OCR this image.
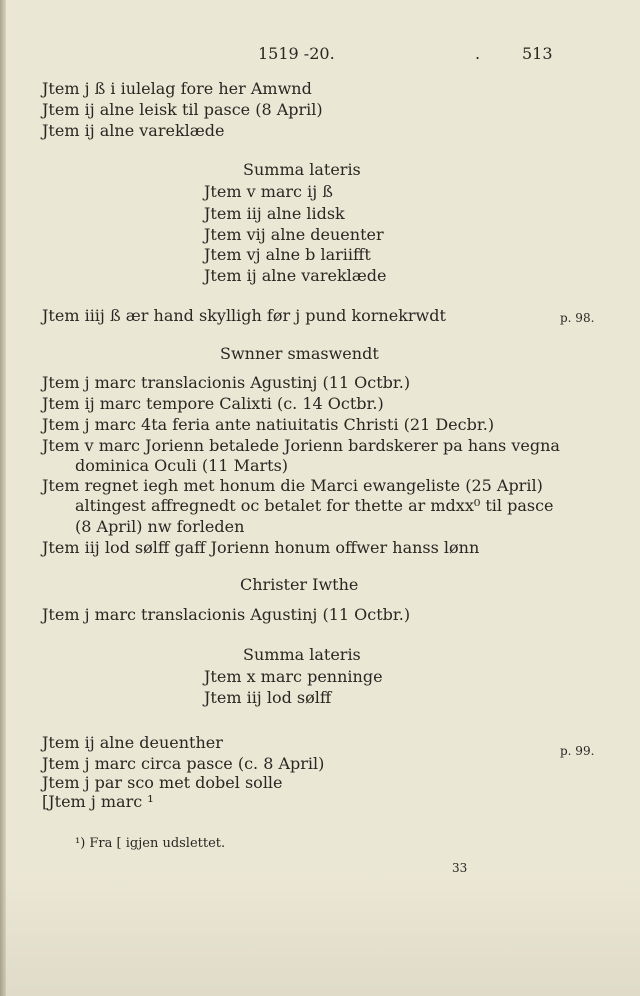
1519 -20.	.	513
Jtem j ß i iulelag fore her Amwnd
Jtem ij alne leisk til pasce (8 April)
Jtem ij alne vareklæde
Summa lateris
Jtem v marc ij ß
Jtem iij alne lidsk
Jtem vij alne deuenter
Jtem vj alne b lariifft
Jtem ij alne vareklæde
Jtem iiij ß ær hand skylligh før j pund kornekrwdt	p. 98.
Swnner smaswendt
Jtem j marc translacionis Agustinj (11 Octbr.)
Jtem ij marc tempore Calixti (c. 14 Octbr.)
Jtem j marc 4ta feria ante natiuitatis Christi (21 Decbr.)
Jtem v marc Jorienn betalede Jorienn bardskerer pa hans vegna
dominica Oculi (11 Marts)
Jtem regnet iegh met honum die Marci ewangeliste (25 April)
altingest affregnedt oc betalet for thette ar mdxx⁰ til pasce
(8 April) nw forleden
Jtem iij lod sølff gaff Jorienn honum offwer hanss lønn
Christer Iwthe
Jtem j marc translacionis Agustinj (11 Octbr.)
Summa lateris
Jtem x marc penninge
Jtem iij lod sølff
Jtem ij alne deuenther	p. 99.
Jtem j marc circa pasce (c. 8 April)
Jtem j par sco met dobel solle
[Jtem j marc ¹
¹) Fra [ igjen udslettet.
33
